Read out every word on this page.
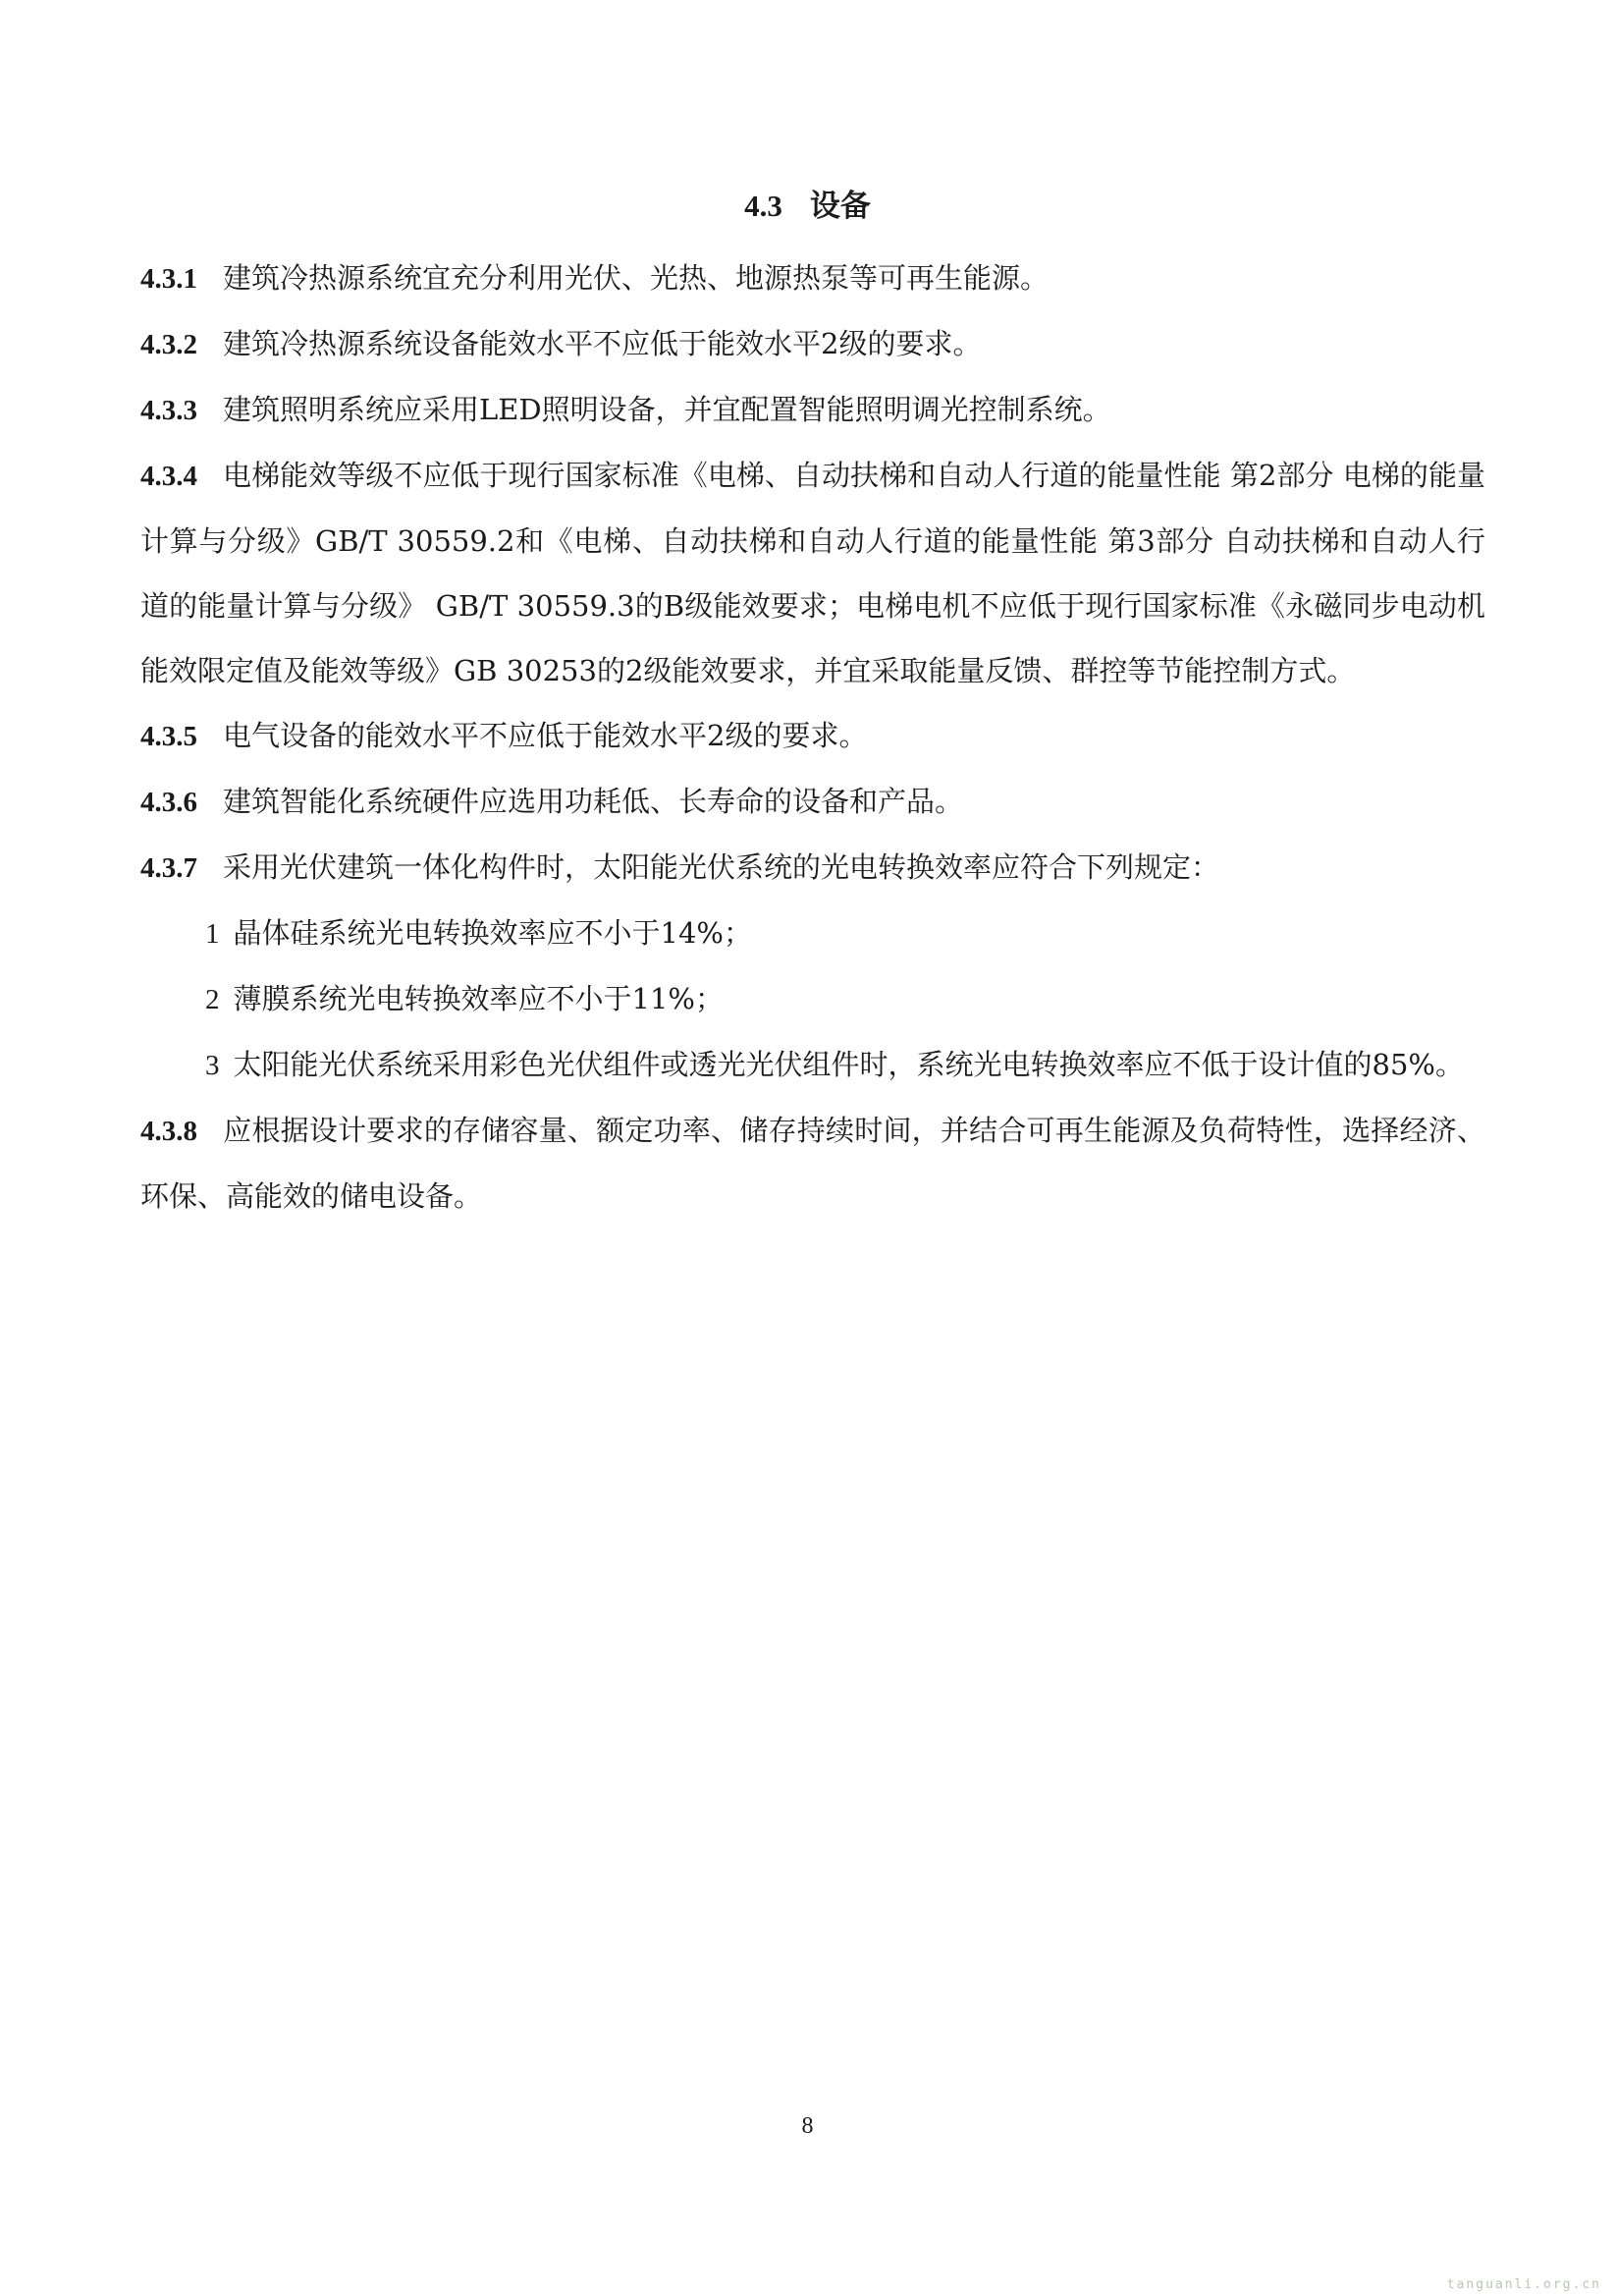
4.3 设备

4.3.1 建筑冷热源系统宜充分利用光伏、光热、地源热泵等可再生能源。

4.3.2 建筑冷热源系统设备能效水平不应低于能效水平2级的要求。

4.3.3 建筑照明系统应采用LED照明设备，并宜配置智能照明调光控制系统。

4.3.4 电梯能效等级不应低于现行国家标准《电梯、自动扶梯和自动人行道的能量性能 第2部分 电梯的能量计算与分级》GB/T 30559.2和《电梯、自动扶梯和自动人行道的能量性能 第3部分 自动扶梯和自动人行道的能量计算与分级》 GB/T 30559.3的B级能效要求；电梯电机不应低于现行国家标准《永磁同步电动机能效限定值及能效等级》GB 30253的2级能效要求，并宜采取能量反馈、群控等节能控制方式。

4.3.5 电气设备的能效水平不应低于能效水平2级的要求。

4.3.6 建筑智能化系统硬件应选用功耗低、长寿命的设备和产品。

4.3.7 采用光伏建筑一体化构件时，太阳能光伏系统的光电转换效率应符合下列规定：

1 晶体硅系统光电转换效率应不小于14%；

2 薄膜系统光电转换效率应不小于11%；

3 太阳能光伏系统采用彩色光伏组件或透光光伏组件时，系统光电转换效率应不低于设计值的85%。

4.3.8 应根据设计要求的存储容量、额定功率、储存持续时间，并结合可再生能源及负荷特性，选择经济、环保、高能效的储电设备。

8
tanguanli.org.cn
